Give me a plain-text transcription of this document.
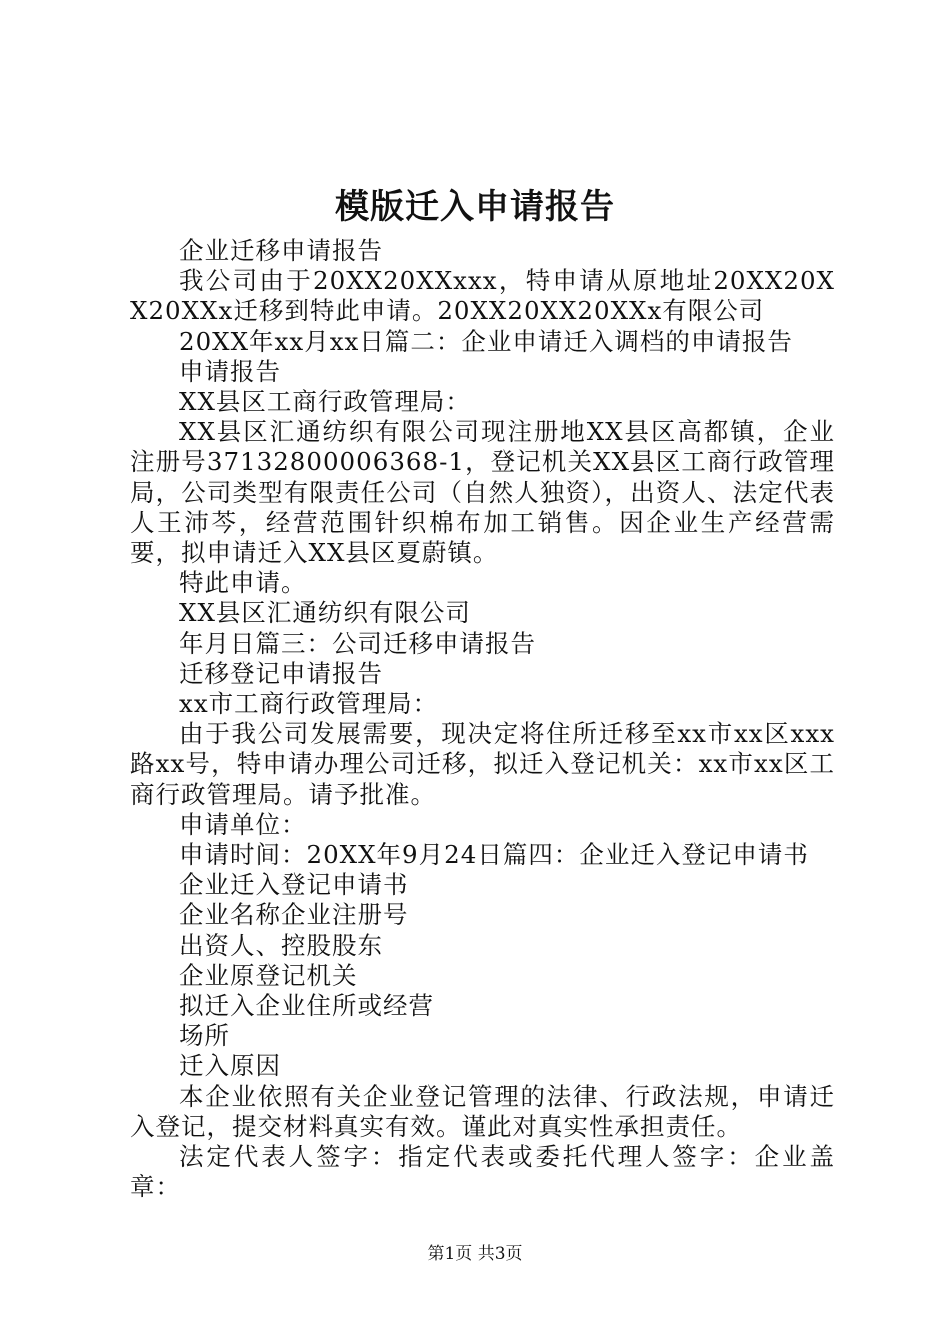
模版迁入申请报告

企业迁移申请报告

我公司由于20XX20XXxxx，特申请从原地址20XX20XX20XXx迁移到特此申请。20XX20XX20XXx有限公司

20XX年xx月xx日篇二：企业申请迁入调档的申请报告

申请报告

XX县区工商行政管理局：

XX县区汇通纺织有限公司现注册地XX县区高都镇，企业注册号37132800006368-1，登记机关XX县区工商行政管理局，公司类型有限责任公司（自然人独资），出资人、法定代表人王沛芩，经营范围针织棉布加工销售。因企业生产经营需要，拟申请迁入XX县区夏蔚镇。

特此申请。

XX县区汇通纺织有限公司

年月日篇三：公司迁移申请报告

迁移登记申请报告

xx市工商行政管理局：

由于我公司发展需要，现决定将住所迁移至xx市xx区xxx路xx号，特申请办理公司迁移，拟迁入登记机关：xx市xx区工商行政管理局。请予批准。

申请单位：

申请时间：20XX年9月24日篇四：企业迁入登记申请书

企业迁入登记申请书

企业名称企业注册号

出资人、控股股东

企业原登记机关

拟迁入企业住所或经营

场所

迁入原因

本企业依照有关企业登记管理的法律、行政法规，申请迁入登记，提交材料真实有效。谨此对真实性承担责任。

法定代表人签字：指定代表或委托代理人签字：企业盖章：

第1页 共3页
